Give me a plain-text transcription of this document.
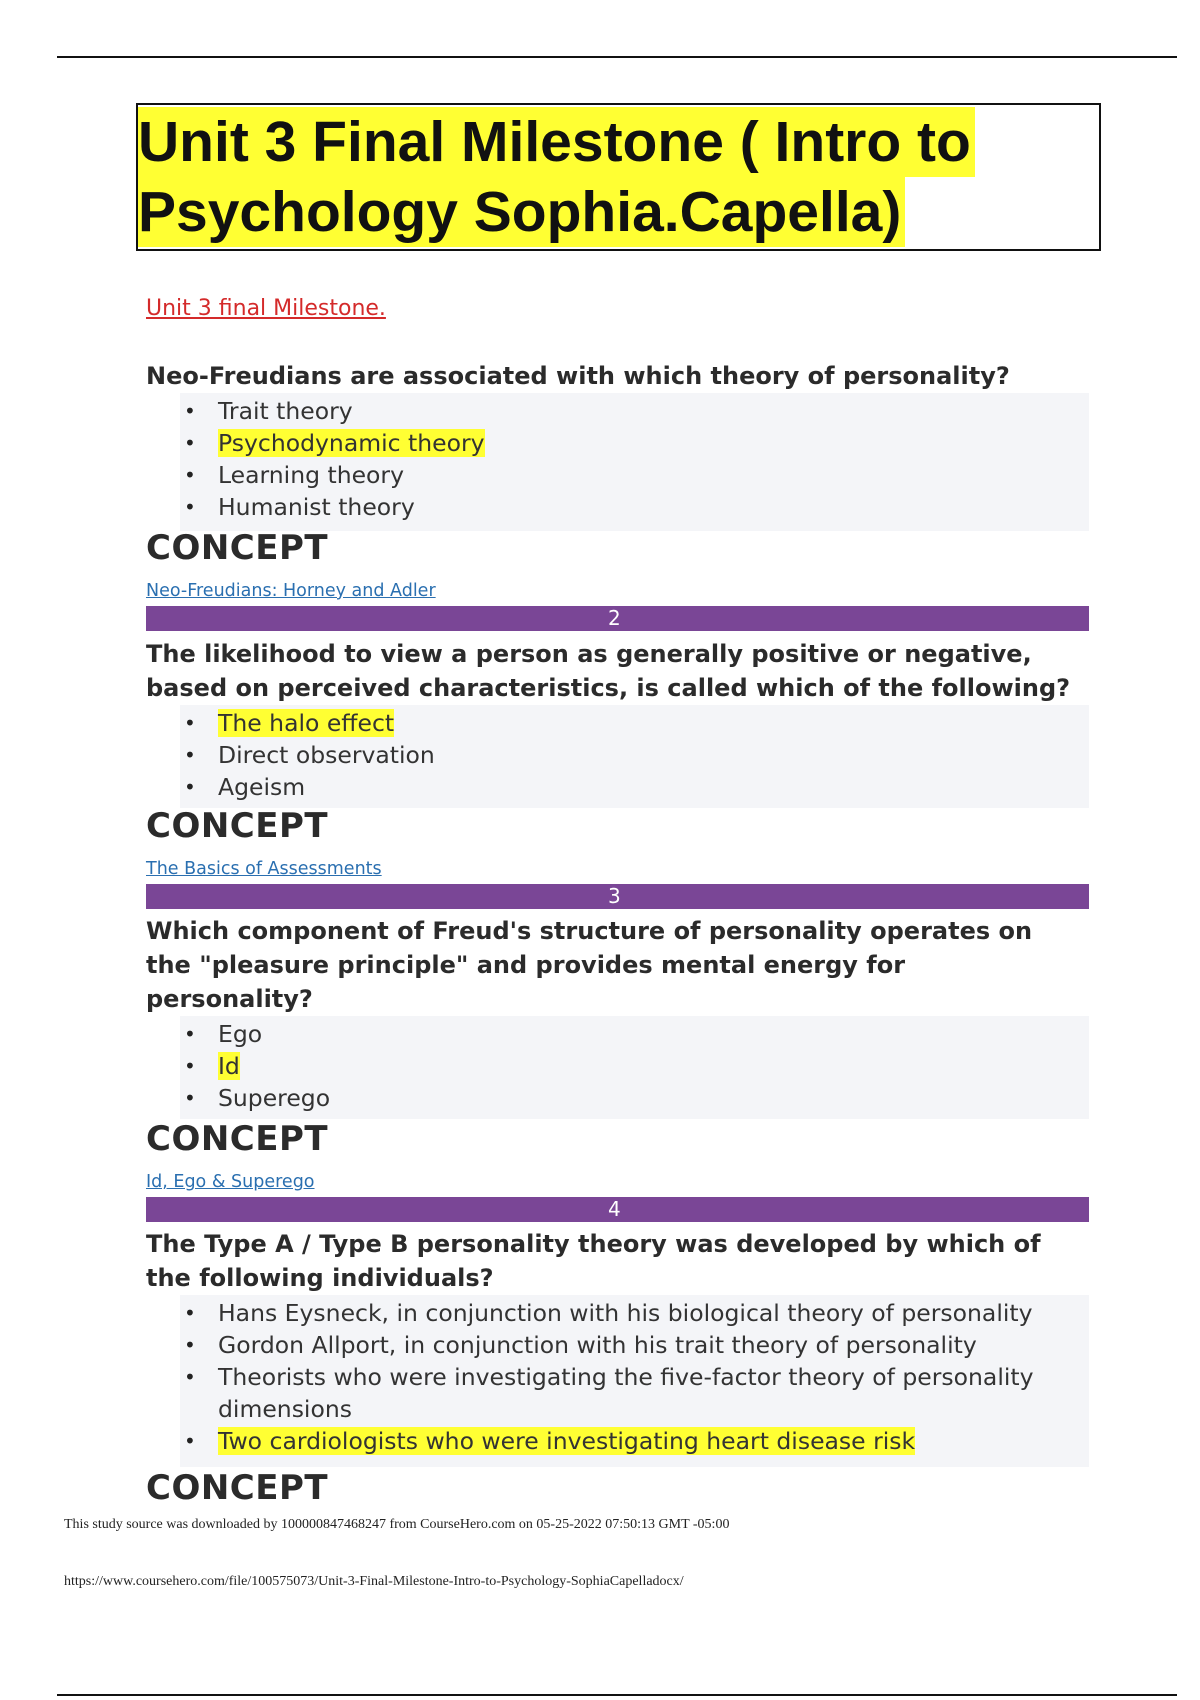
Unit 3 Final Milestone ( Intro to
Psychology Sophia.Capella)
Unit 3 final Milestone.
Neo-Freudians are associated with which theory of personality?
• Trait theory
• Psychodynamic theory
• Learning theory
• Humanist theory
CONCEPT
Neo-Freudians: Horney and Adler
2
The likelihood to view a person as generally positive or negative,
based on perceived characteristics, is called which of the following?
• The halo effect
• Direct observation
• Ageism
CONCEPT
The Basics of Assessments
3
Which component of Freud's structure of personality operates on
the "pleasure principle" and provides mental energy for
personality?
• Ego
• Id
• Superego
CONCEPT
Id, Ego & Superego
4
The Type A / Type B personality theory was developed by which of
the following individuals?
• Hans Eysneck, in conjunction with his biological theory of personality
• Gordon Allport, in conjunction with his trait theory of personality
• Theorists who were investigating the five-factor theory of personality dimensions
• Two cardiologists who were investigating heart disease risk
CONCEPT
This study source was downloaded by 100000847468247 from CourseHero.com on 05-25-2022 07:50:13 GMT -05:00
https://www.coursehero.com/file/100575073/Unit-3-Final-Milestone-Intro-to-Psychology-SophiaCapelladocx/
